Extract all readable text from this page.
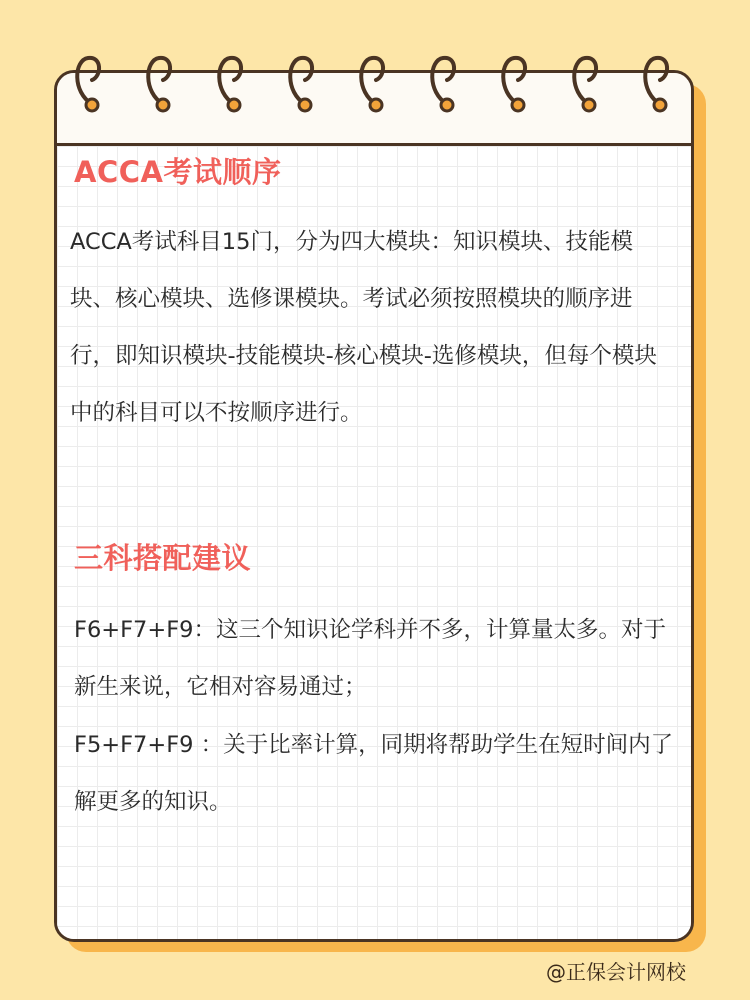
ACCA考试顺序

ACCA考试科目15门，分为四大模块：知识模块、技能模块、核心模块、选修课模块。考试必须按照模块的顺序进行，即知识模块-技能模块-核心模块-选修模块，但每个模块中的科目可以不按顺序进行。

三科搭配建议

F6+F7+F9：这三个知识论学科并不多，计算量太多。对于新生来说，它相对容易通过；

F5+F7+F9 ：关于比率计算，同期将帮助学生在短时间内了解更多的知识。

@正保会计网校
